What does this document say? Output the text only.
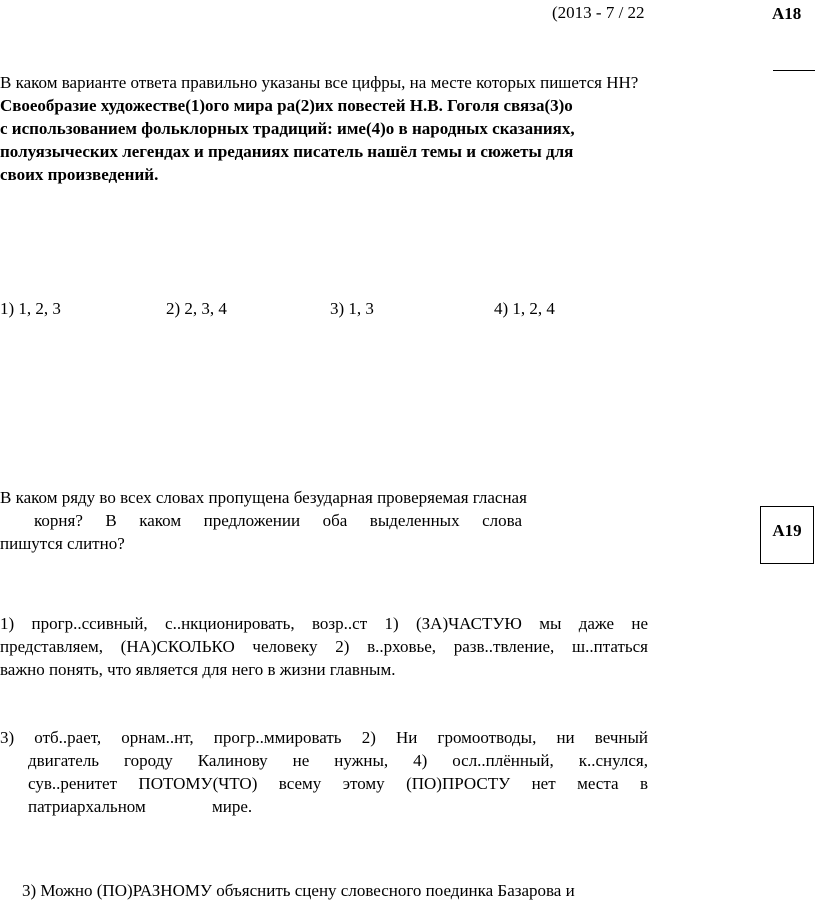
(2013 - 7 / 22	A18
В каком варианте ответа правильно указаны все цифры, на месте которых пишется НН?
Своеобразие художестве(1)ого мира ра(2)их повестей Н.В. Гоголя связа(3)о
с использованием фольклорных традиций: име(4)о в народных сказаниях,
полуязыческих легендах и преданиях писатель нашёл темы и сюжеты для
своих произведений.
1) 1, 2, 3	2) 2, 3, 4	3) 1, 3	4) 1, 2, 4
В каком ряду во всех словах пропущена безударная проверяемая гласная
корня? В каком предложении оба выделенных слова
пишутся слитно?
A19
1) прогр..ссивный, с..нкционировать, возр..ст 1) (ЗА)ЧАСТУЮ мы даже не
представляем, (НА)СКОЛЬКО человеку 2) в..рховье, разв..твление, ш..птаться
важно понять, что является для него в жизни главным.
3) отб..рает, орнам..нт, прогр..ммировать 2) Ни громоотводы, ни вечный
двигатель городу Калинову не нужны, 4) осл..плённый, к..снулся,
сув..ренитет ПОТОМУ(ЧТО) всему этому (ПО)ПРОСТУ нет места в
патриархальном	мире.
3) Можно (ПО)РАЗНОМУ объяснить сцену словесного поединка Базарова и
